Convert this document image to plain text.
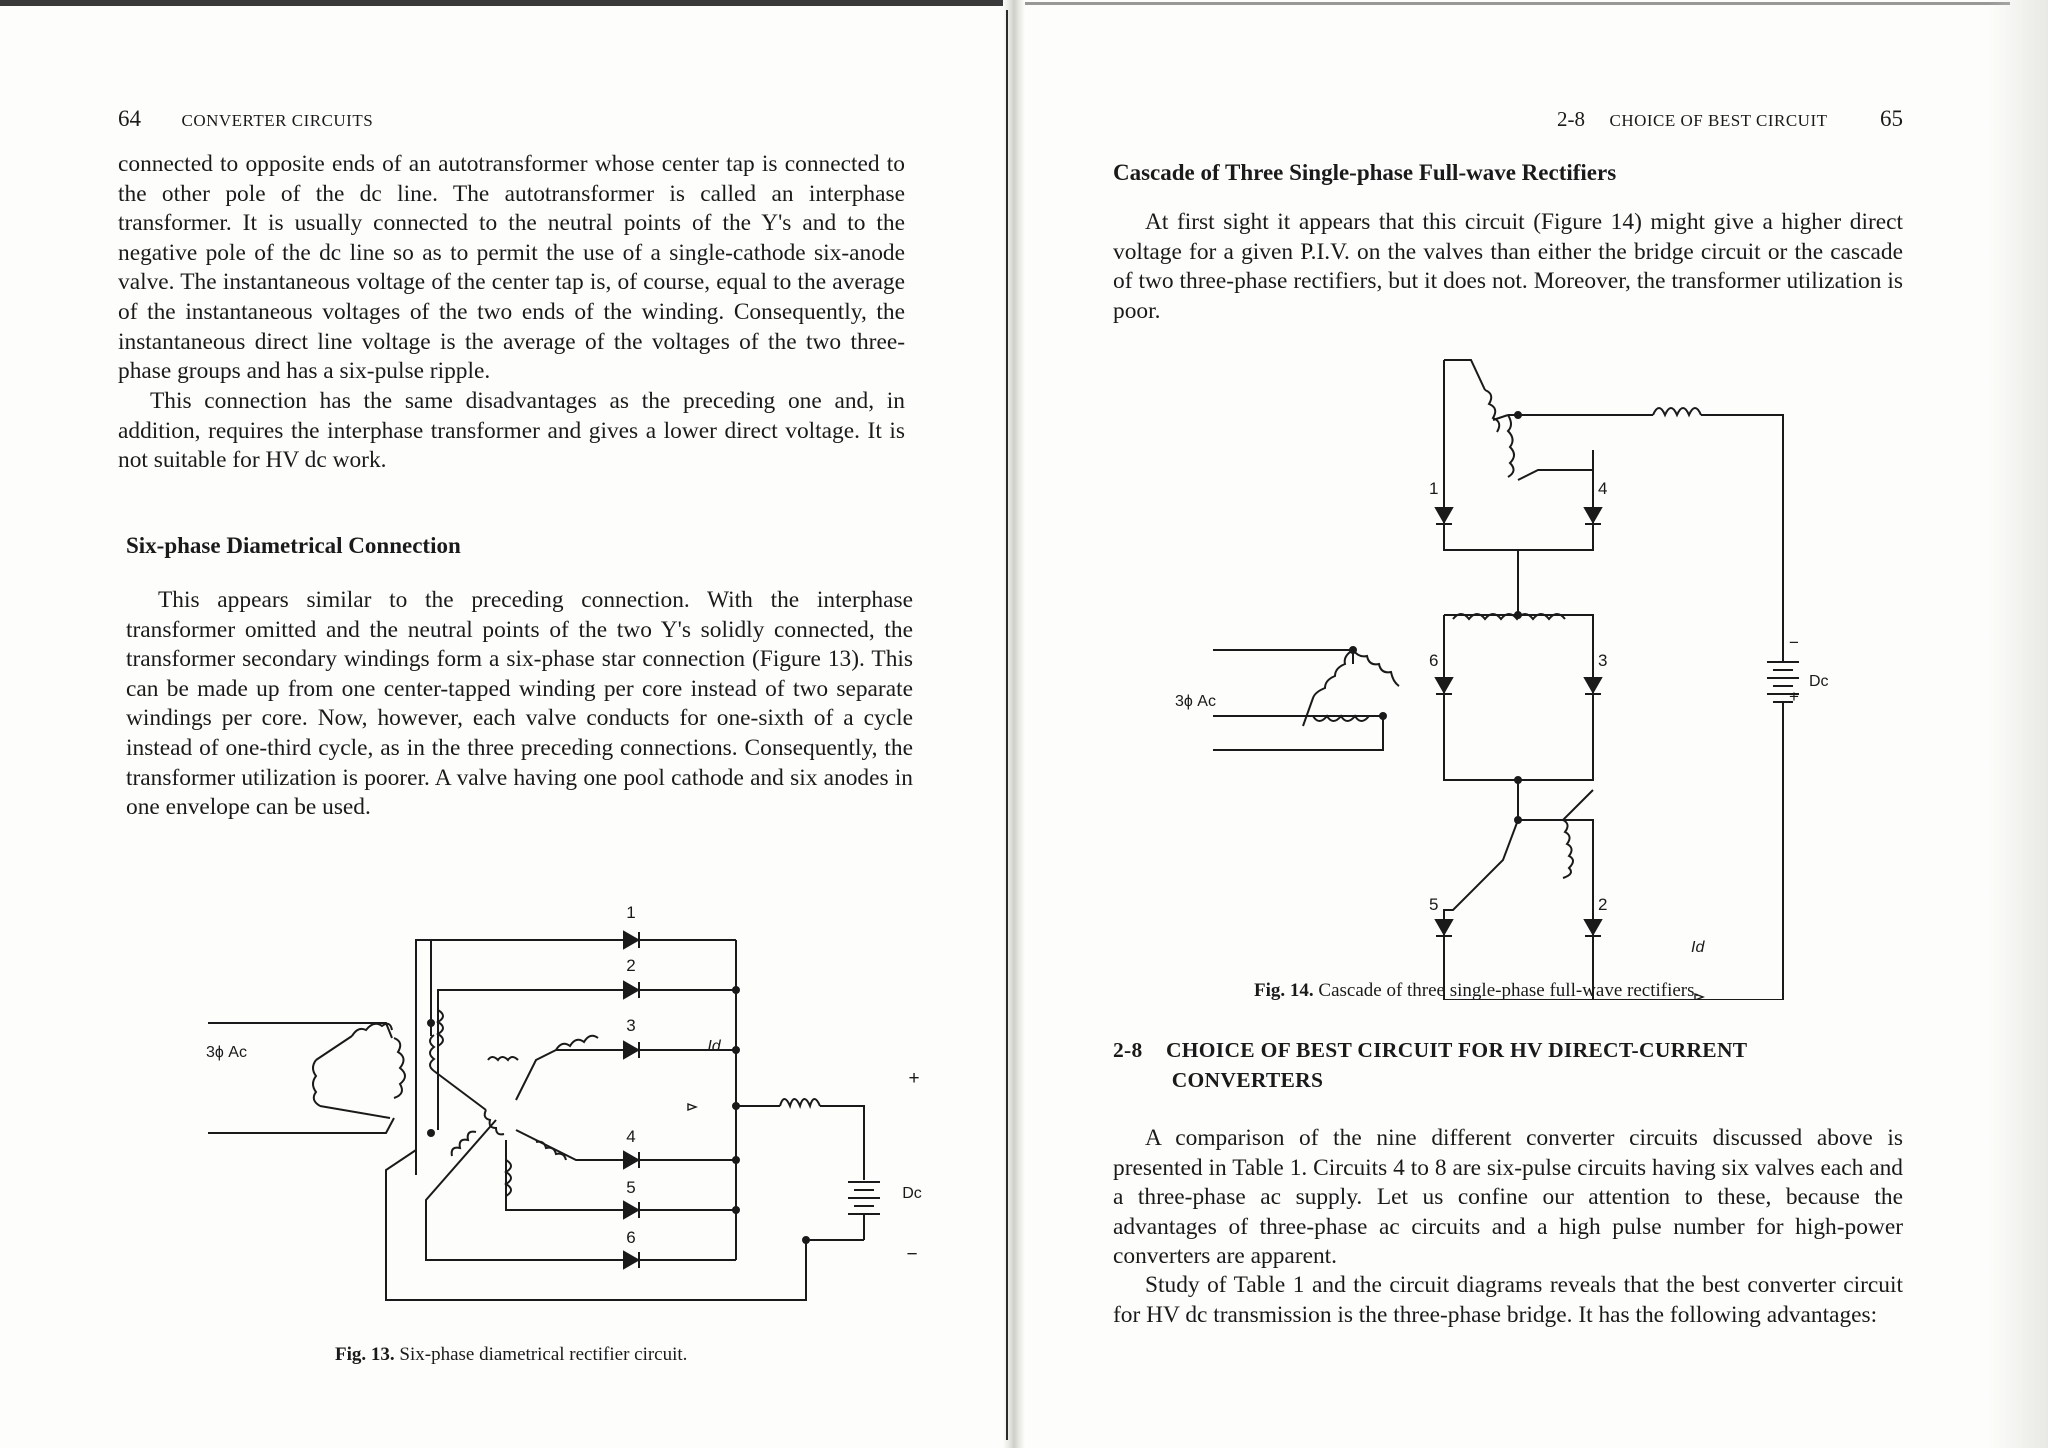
64 CONVERTER CIRCUITS

connected to opposite ends of an autotransformer whose center tap is connected to the other pole of the dc line. The autotransformer is called an interphase transformer. It is usually connected to the neutral points of the Y's and to the negative pole of the dc line so as to permit the use of a single-cathode six-anode valve. The instantaneous voltage of the center tap is, of course, equal to the average of the instantaneous voltages of the two ends of the winding. Consequently, the instantaneous direct line voltage is the average of the voltages of the two three-phase groups and has a six-pulse ripple.

This connection has the same disadvantages as the preceding one and, in addition, requires the interphase transformer and gives a lower direct voltage. It is not suitable for HV dc work.

Six-phase Diametrical Connection

This appears similar to the preceding connection. With the interphase transformer omitted and the neutral points of the two Y's solidly connected, the transformer secondary windings form a six-phase star connection (Figure 13). This can be made up from one center-tapped winding per core instead of two separate windings per core. Now, however, each valve conducts for one-sixth of a cycle instead of one-third cycle, as in the three preceding connections. Consequently, the transformer utilization is poorer. A valve having one pool cathode and six anodes in one envelope can be used.

1
2
3
4
5
6
3ϕ Ac	Id
+
−
Dc
Fig. 13. Six-phase diametrical rectifier circuit.
2-8 CHOICE OF BEST CIRCUIT 65
Cascade of Three Single-phase Full-wave Rectifiers

At first sight it appears that this circuit (Figure 14) might give a higher direct voltage for a given P.I.V. on the valves than either the bridge circuit or the cascade of two three-phase rectifiers, but it does not. Moreover, the transformer utilization is poor.

1	4
6	3
5	2
3ϕ Ac
Id
−
+
Dc
Fig. 14. Cascade of three single-phase full-wave rectifiers.
2-8 CHOICE OF BEST CIRCUIT FOR HV DIRECT-CURRENT
CONVERTERS

A comparison of the nine different converter circuits discussed above is presented in Table 1. Circuits 4 to 8 are six-pulse circuits having six valves each and a three-phase ac supply. Let us confine our attention to these, because the advantages of three-phase ac circuits and a high pulse number for high-power converters are apparent.

Study of Table 1 and the circuit diagrams reveals that the best converter circuit for HV dc transmission is the three-phase bridge. It has the following advantages:
